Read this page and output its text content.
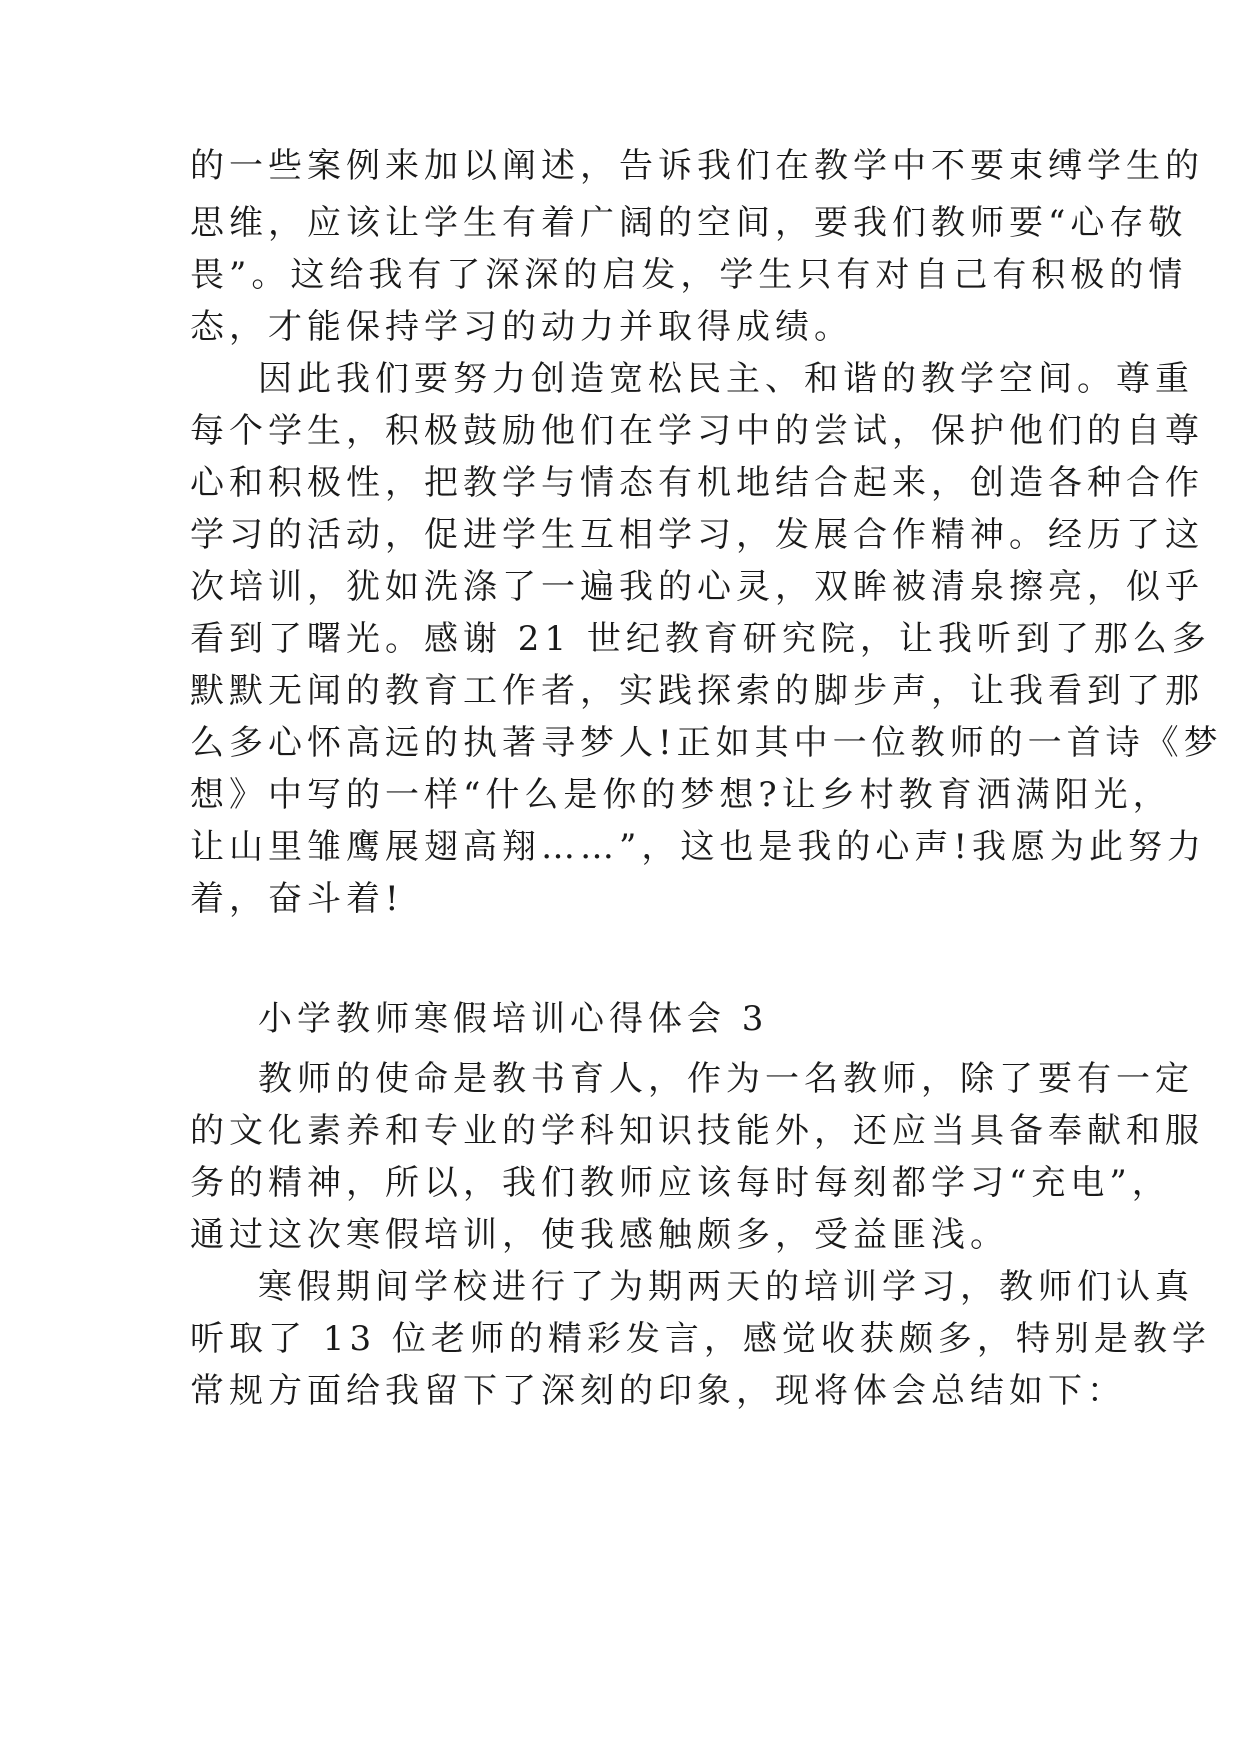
的一些案例来加以阐述，告诉我们在教学中不要束缚学生的
思维，应该让学生有着广阔的空间，要我们教师要“心存敬
畏”。这给我有了深深的启发，学生只有对自己有积极的情
态，才能保持学习的动力并取得成绩。
因此我们要努力创造宽松民主、和谐的教学空间。尊重
每个学生，积极鼓励他们在学习中的尝试，保护他们的自尊
心和积极性，把教学与情态有机地结合起来，创造各种合作
学习的活动，促进学生互相学习，发展合作精神。经历了这
次培训，犹如洗涤了一遍我的心灵，双眸被清泉擦亮，似乎
看到了曙光。感谢 21 世纪教育研究院，让我听到了那么多
默默无闻的教育工作者，实践探索的脚步声，让我看到了那
么多心怀高远的执著寻梦人!正如其中一位教师的一首诗《梦
想》中写的一样“什么是你的梦想?让乡村教育洒满阳光，
让山里雏鹰展翅高翔……”，这也是我的心声!我愿为此努力
着，奋斗着!
小学教师寒假培训心得体会 3
教师的使命是教书育人，作为一名教师，除了要有一定
的文化素养和专业的学科知识技能外，还应当具备奉献和服
务的精神，所以，我们教师应该每时每刻都学习“充电”，
通过这次寒假培训，使我感触颇多，受益匪浅。
寒假期间学校进行了为期两天的培训学习，教师们认真
听取了 13 位老师的精彩发言，感觉收获颇多，特别是教学
常规方面给我留下了深刻的印象，现将体会总结如下：
